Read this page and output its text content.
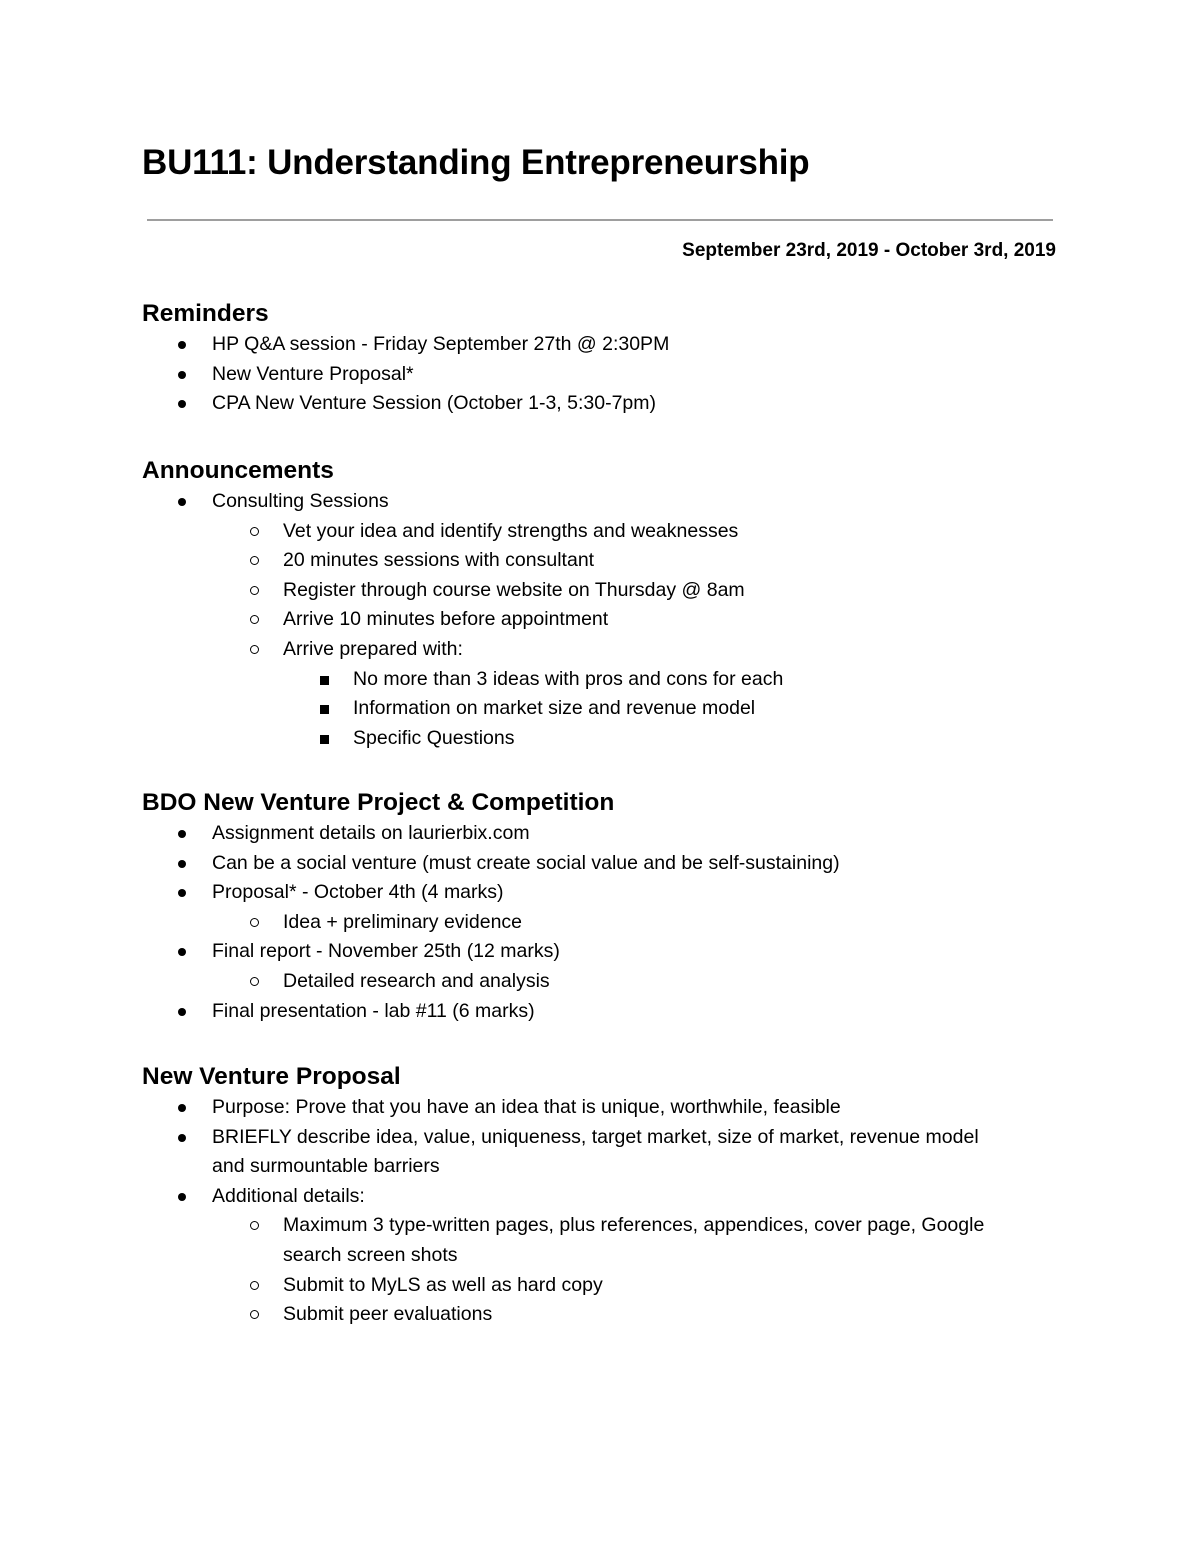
BU111: Understanding Entrepreneurship
September 23rd, 2019 - October 3rd, 2019
Reminders
HP Q&A session - Friday September 27th @ 2:30PM
New Venture Proposal*
CPA New Venture Session (October 1-3, 5:30-7pm)
Announcements
Consulting Sessions
Vet your idea and identify strengths and weaknesses
20 minutes sessions with consultant
Register through course website on Thursday @ 8am
Arrive 10 minutes before appointment
Arrive prepared with:
No more than 3 ideas with pros and cons for each
Information on market size and revenue model
Specific Questions
BDO New Venture Project & Competition
Assignment details on laurierbix.com
Can be a social venture (must create social value and be self-sustaining)
Proposal* - October 4th (4 marks)
Idea + preliminary evidence
Final report - November 25th (12 marks)
Detailed research and analysis
Final presentation - lab #11 (6 marks)
New Venture Proposal
Purpose: Prove that you have an idea that is unique, worthwhile, feasible
BRIEFLY describe idea, value, uniqueness, target market, size of market, revenue model
and surmountable barriers
Additional details:
Maximum 3 type-written pages, plus references, appendices, cover page, Google
search screen shots
Submit to MyLS as well as hard copy
Submit peer evaluations
